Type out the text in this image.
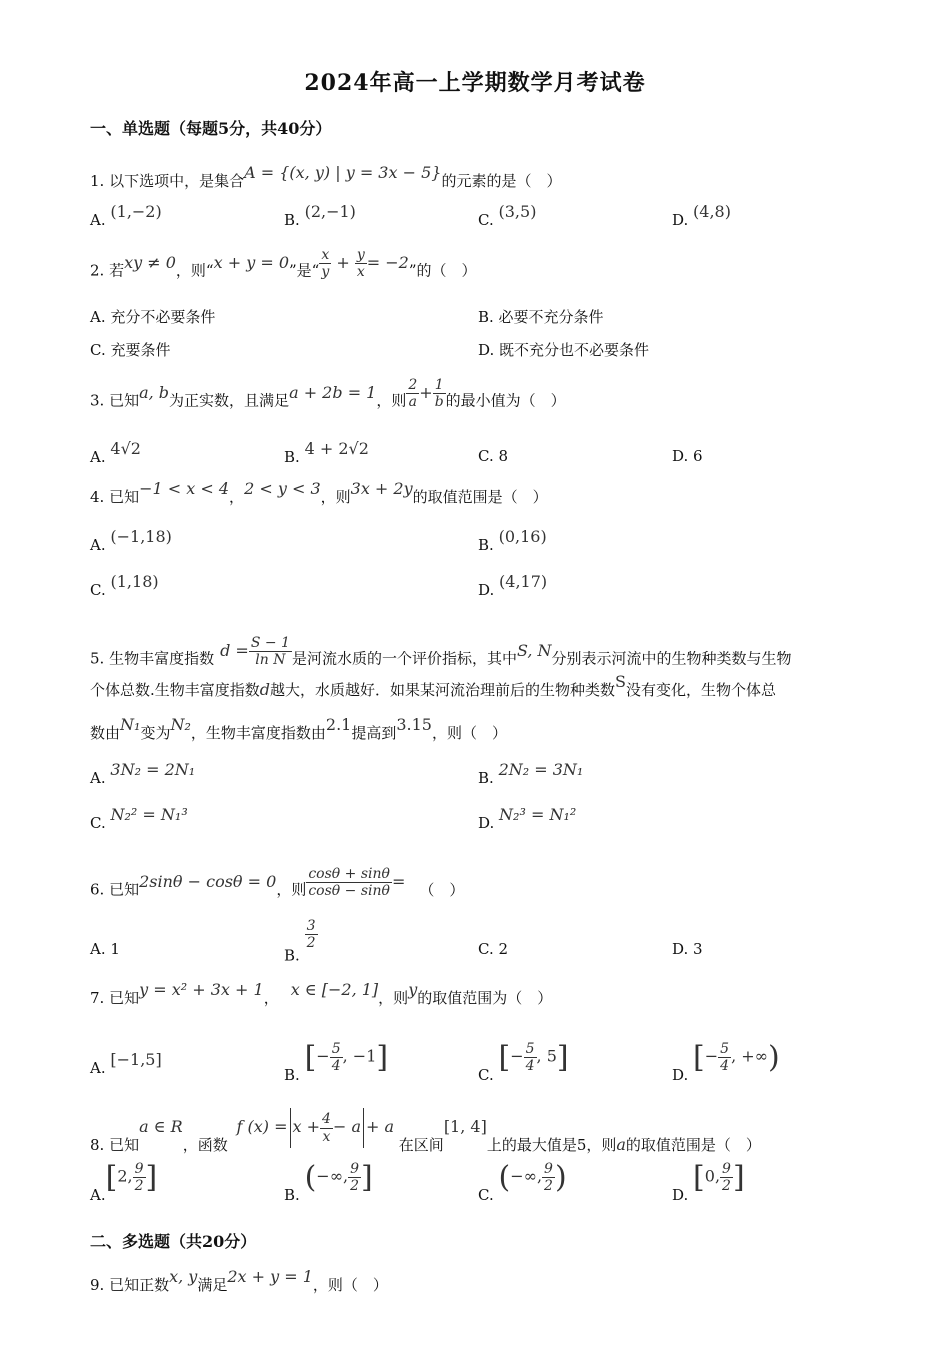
2024年高一上学期数学月考试卷
一、单选题（每题5分，共40分）
1. 以下选项中，是集合A = {(x, y) | y = 3x − 5}的元素的是（　）
A. (1,−2)	B. (2,−1)	C. (3,5)	D. (4,8)
2. 若xy ≠ 0，则“x + y = 0”是“ $\frac{x}{y} + \frac{y}{x} = -2$”的（　）
A. 充分不必要条件	B. 必要不充分条件
C. 充要条件	D. 既不充分也不必要条件
3. 已知a, b为正实数，且满足a + 2b = 1，则 $\frac{2}{a} + \frac{1}{b}$ 的最小值为（　）
A. 4√2	B. 4 + 2√2	C. 8	D. 6
4. 已知−1 < x < 4，2 < y < 3，则3x + 2y的取值范围是（　）
A. (−1,18)	B. (0,16)
C. (1,18)	D. (4,17)
5. 生物丰富度指数 $d = \frac{S - 1}{\text{ln N}}$ 是河流水质的一个评价指标，其中S, N分别表示河流中的生物种类数与生物
个体总数.生物丰富度指数d越大，水质越好．如果某河流治理前后的生物种类数S没有变化，生物个体总
数由N₁变为N₂，生物丰富度指数由2.1提高到3.15，则（　）
A. 3N₂ = 2N₁	B. 2N₂ = 3N₁
C. N₂² = N₁³	D. N₂³ = N₁²
6. 已知2sinθ − cosθ = 0，则 $\frac{\cos\theta + \sin\theta}{\cos\theta - \sin\theta}$ = （　）
A. 1	B.
$\frac{3}{2}$	C. 2	D. 3
7. 已知y = x² + 3x + 1， x ∈ [−2, 1]，则y的取值范围为（　）
A. [−1,5]
B. [− $\frac{5}{4}$ , −1]	C. [− $\frac{5}{4}$ , 5]	D. [− $\frac{5}{4}$ , +∞)
8. 已知a ∈ R，函数 f $(x) = x + \frac{4}{x} - a + a$ 在区间[1, 4]上的最大值是5，则a的取值范围是（　）
A.[2, $\frac{9}{2}$ ]	B. (−∞, $\frac{9}{2}$ ]	C. (−∞, $\frac{9}{2}$ )	D. [0, $\frac{9}{2}$ ]
二、多选题（共20分）
9. 已知正数x, y满足2x + y = 1，则（　）
